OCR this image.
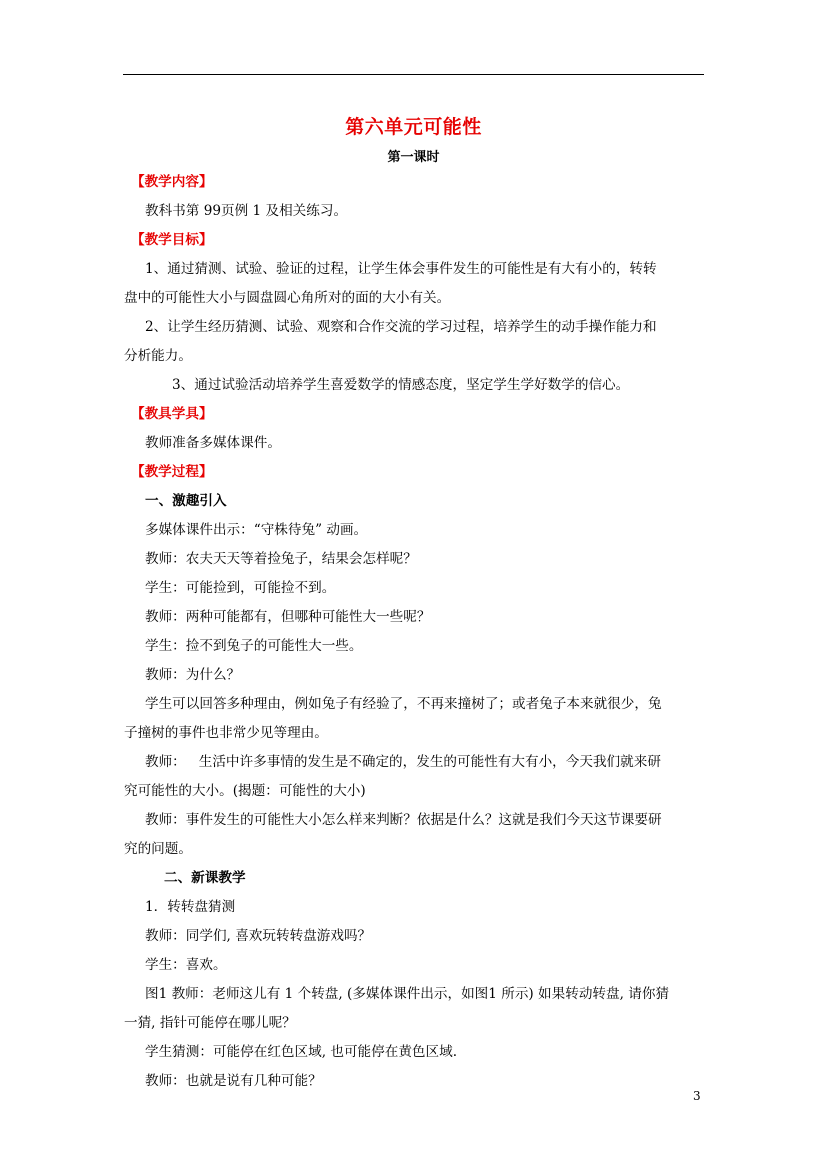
第六单元可能性
第一课时
【教学内容】
教科书第 99页例 1 及相关练习。
【教学目标】
1、通过猜测、试验、验证的过程，让学生体会事件发生的可能性是有大有小的，转转
盘中的可能性大小与圆盘圆心角所对的面的大小有关。
2、让学生经历猜测、试验、观察和合作交流的学习过程，培养学生的动手操作能力和
分析能力。
3、通过试验活动培养学生喜爱数学的情感态度，坚定学生学好数学的信心。
【教具学具】
教师准备多媒体课件。
【教学过程】
一、激趣引入
多媒体课件出示：“守株待兔” 动画。
教师：农夫天天等着捡兔子，结果会怎样呢？
学生：可能捡到，可能捡不到。
教师：两种可能都有，但哪种可能性大一些呢？
学生：捡不到兔子的可能性大一些。
教师：为什么？
学生可以回答多种理由，例如兔子有经验了，不再来撞树了；或者兔子本来就很少，兔
子撞树的事件也非常少见等理由。
教师：   生活中许多事情的发生是不确定的，发生的可能性有大有小，今天我们就来研
究可能性的大小。(揭题：可能性的大小)
教师：事件发生的可能性大小怎么样来判断？依据是什么？这就是我们今天这节课要研
究的问题。
二、新课教学
1．转转盘猜测
教师：同学们, 喜欢玩转转盘游戏吗？
学生：喜欢。
图1 教师：老师这儿有 1 个转盘, (多媒体课件出示，如图1 所示) 如果转动转盘, 请你猜
一猜, 指针可能停在哪儿呢？
学生猜测：可能停在红色区域, 也可能停在黄色区域.
教师：也就是说有几种可能？
3
